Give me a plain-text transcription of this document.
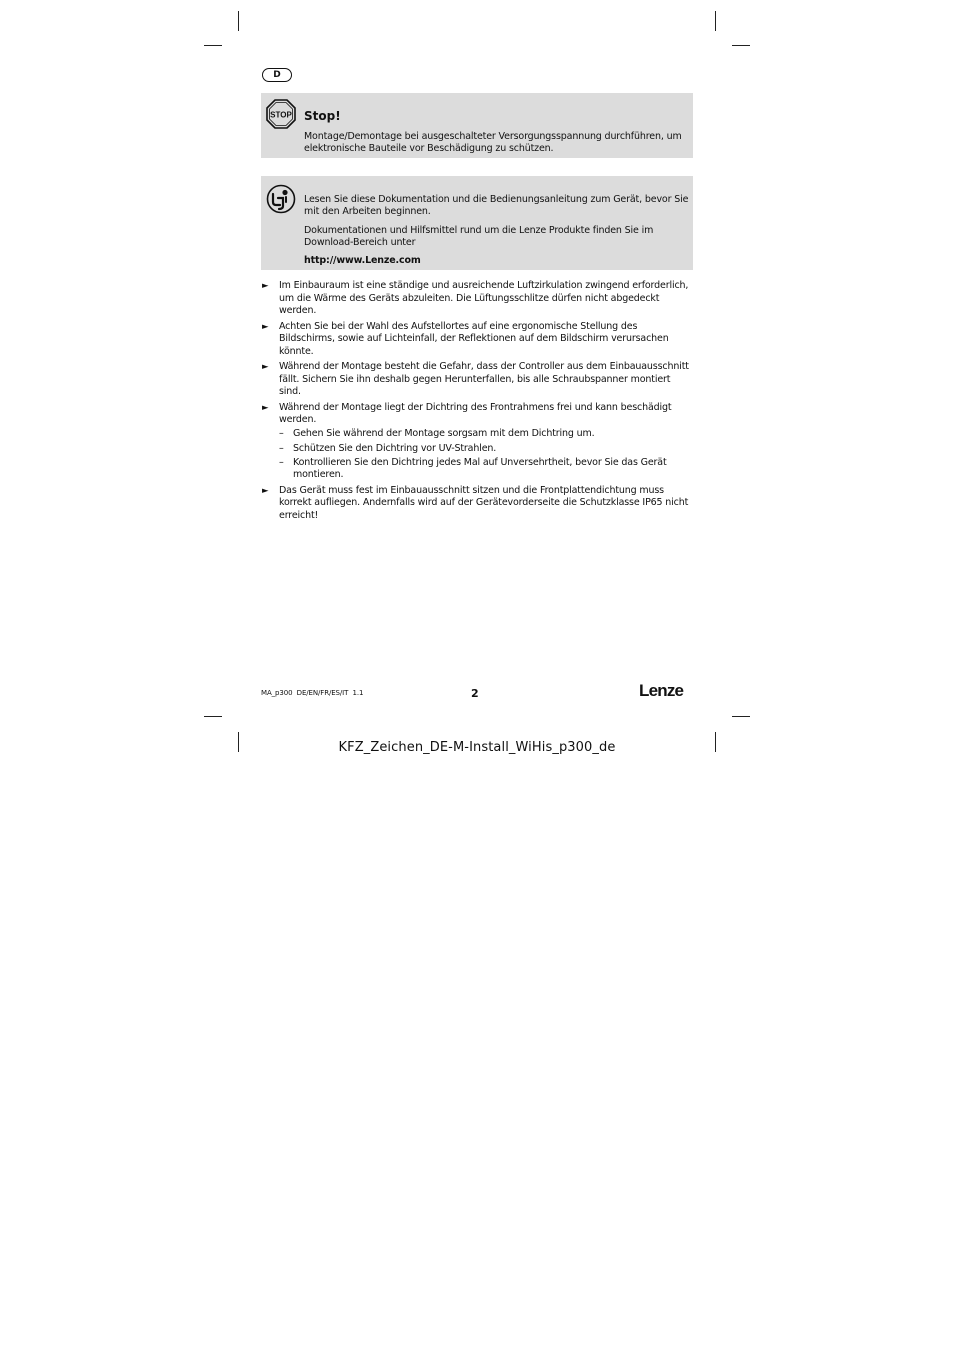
D
STOP Stop!
Montage/Demontage bei ausgeschalteter Versorgungsspannung durchführen, um elektronische Bauteile vor Beschädigung zu schützen.
Lesen Sie diese Dokumentation und die Bedienungsanleitung zum Gerät, bevor Sie mit den Arbeiten beginnen.
Dokumentationen und Hilfsmittel rund um die Lenze Produkte finden Sie im Download-Bereich unter
http://www.Lenze.com
► Im Einbauraum ist eine ständige und ausreichende Luftzirkulation zwingend erforderlich, um die Wärme des Geräts abzuleiten. Die Lüftungsschlitze dürfen nicht abgedeckt werden.
► Achten Sie bei der Wahl des Aufstellortes auf eine ergonomische Stellung des Bildschirms, sowie auf Lichteinfall, der Reflektionen auf dem Bildschirm verursachen könnte.
► Während der Montage besteht die Gefahr, dass der Controller aus dem Einbauausschnitt fällt. Sichern Sie ihn deshalb gegen Herunterfallen, bis alle Schraubspanner montiert sind.
► Während der Montage liegt der Dichtring des Frontrahmens frei und kann beschädigt werden.
– Gehen Sie während der Montage sorgsam mit dem Dichtring um.
– Schützen Sie den Dichtring vor UV-Strahlen.
– Kontrollieren Sie den Dichtring jedes Mal auf Unversehrtheit, bevor Sie das Gerät montieren.
► Das Gerät muss fest im Einbauausschnitt sitzen und die Frontplattendichtung muss korrekt aufliegen. Andernfalls wird auf der Gerätevorderseite die Schutzklasse IP65 nicht erreicht!
MA_p300  DE/EN/FR/ES/IT  1.1	2	Lenze
KFZ_Zeichen_DE-M-Install_WiHis_p300_de
